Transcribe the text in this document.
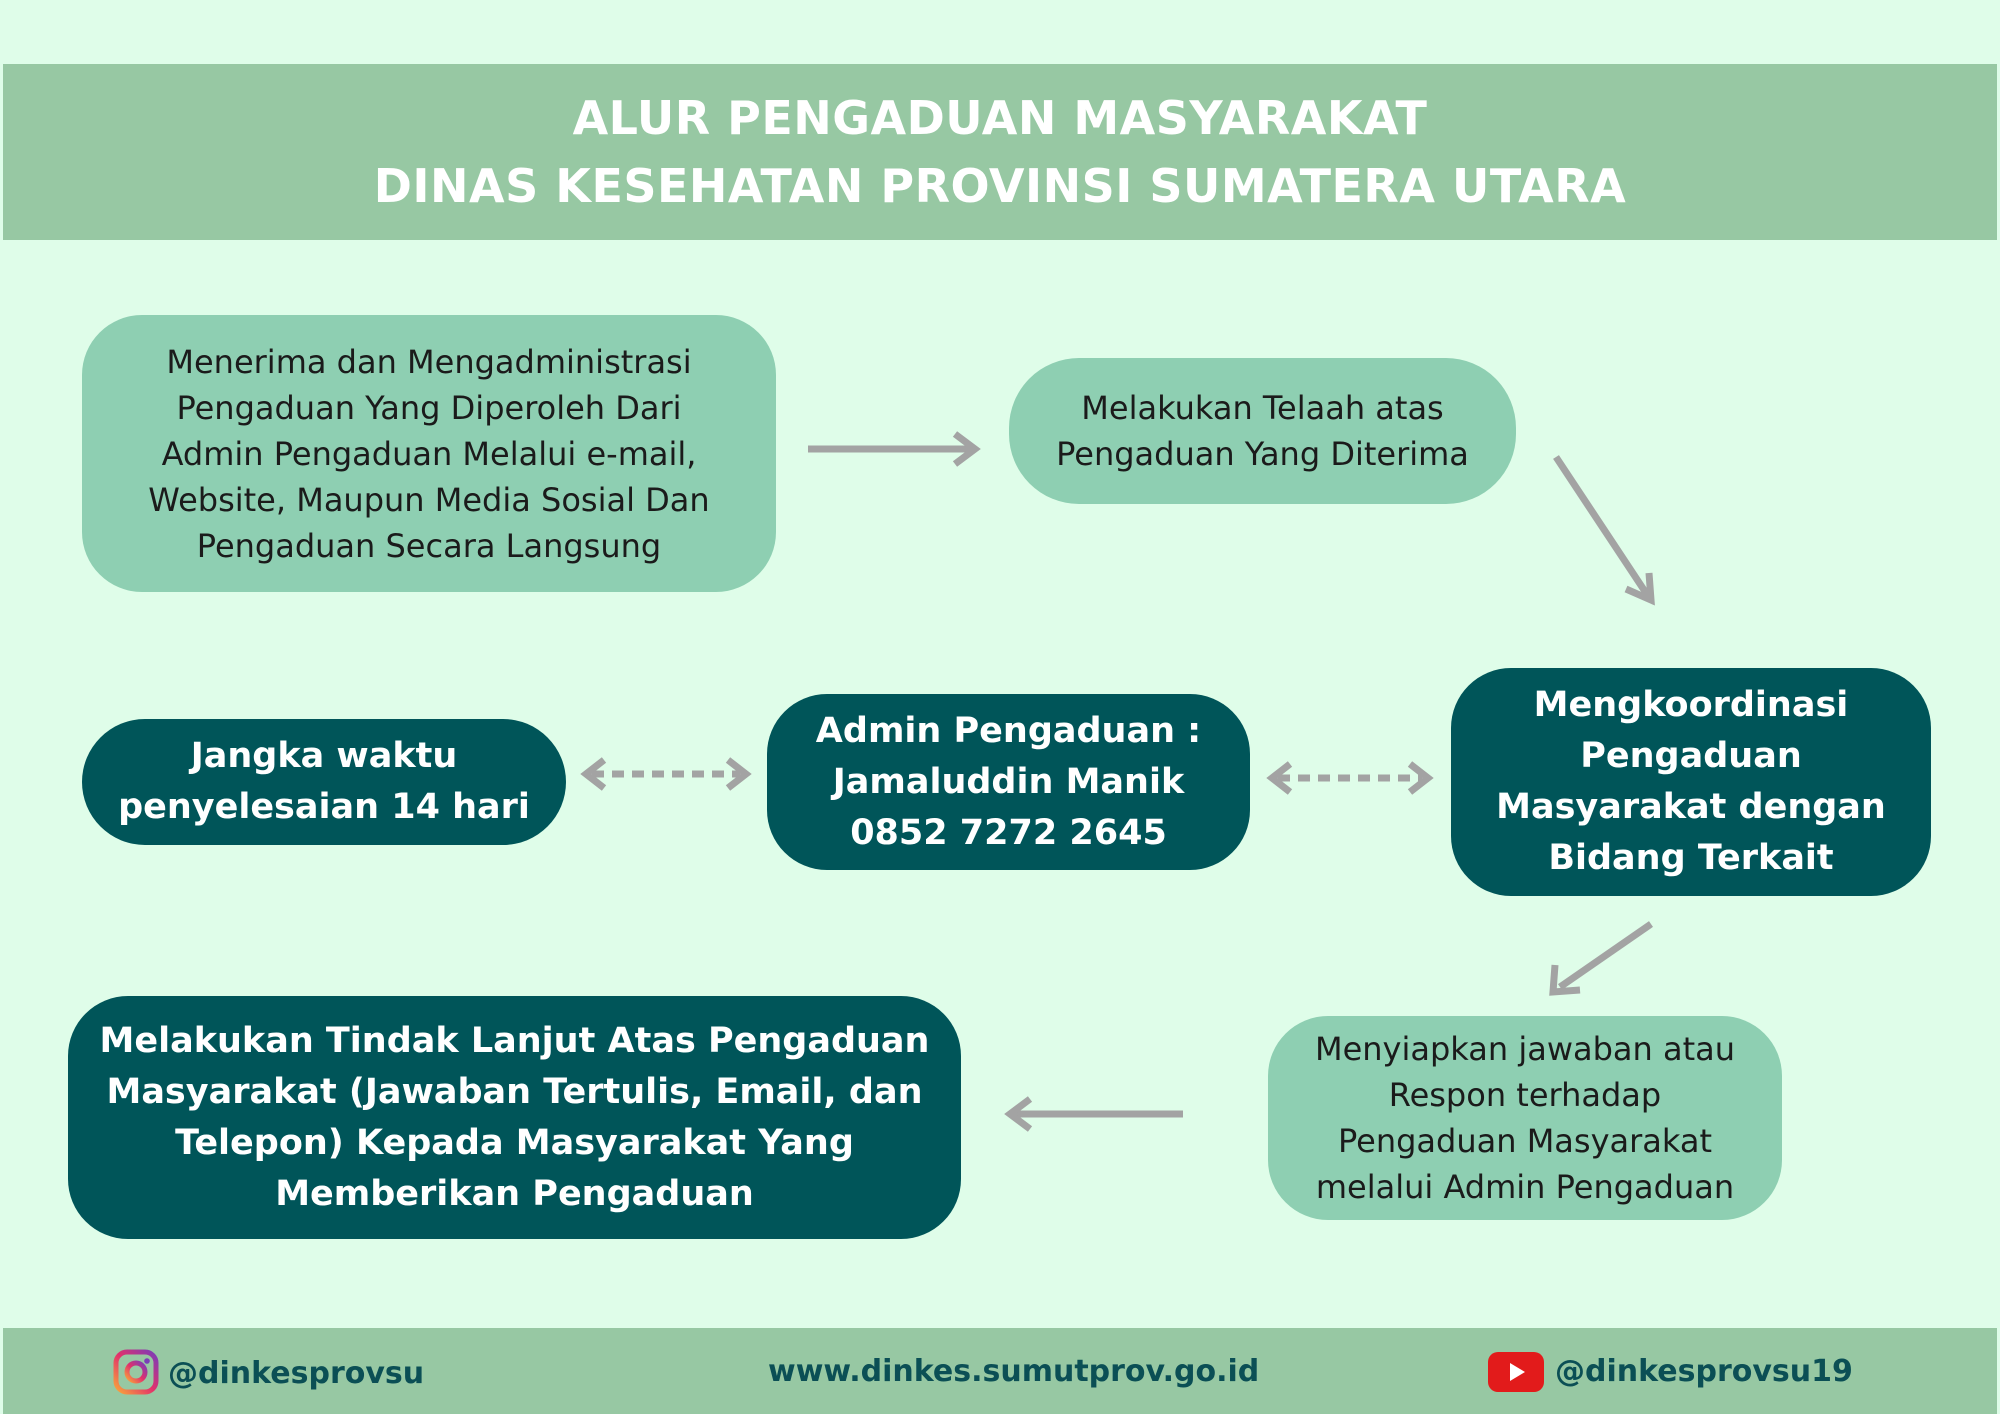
ALUR PENGADUAN MASYARAKAT
DINAS KESEHATAN PROVINSI SUMATERA UTARA
Menerima dan Mengadministrasi
Pengaduan Yang Diperoleh Dari
Admin Pengaduan Melalui e-mail,
Website, Maupun Media Sosial Dan
Pengaduan Secara Langsung
Melakukan Telaah atas
Pengaduan Yang Diterima
Mengkoordinasi
Pengaduan
Masyarakat dengan
Bidang Terkait
Admin Pengaduan :
Jamaluddin Manik
0852 7272 2645
Jangka waktu
penyelesaian 14 hari
Menyiapkan jawaban atau
Respon terhadap
Pengaduan Masyarakat
melalui Admin Pengaduan
Melakukan Tindak Lanjut Atas Pengaduan
Masyarakat (Jawaban Tertulis, Email, dan
Telepon) Kepada Masyarakat Yang
Memberikan Pengaduan
@dinkesprovsu	www.dinkes.sumutprov.go.id	@dinkesprovsu19
